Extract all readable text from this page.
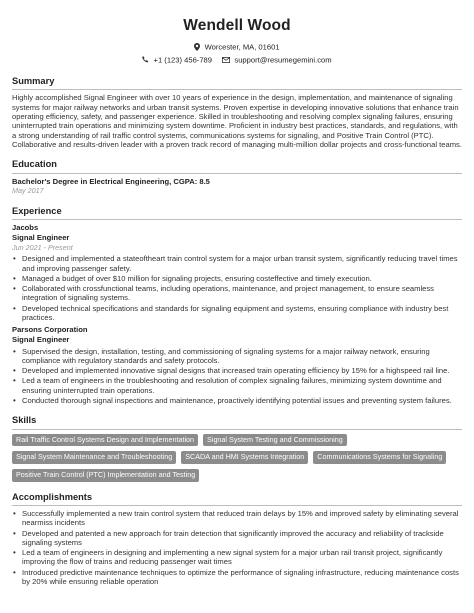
Wendell Wood
Worcester, MA, 01601
+1 (123) 456-789	support@resumegemini.com
Summary
Highly accomplished Signal Engineer with over 10 years of experience in the design, implementation, and maintenance of signaling systems for major railway networks and urban transit systems. Proven expertise in developing innovative solutions that enhance train operating efficiency, safety, and passenger experience. Skilled in troubleshooting and resolving complex signaling failures, ensuring uninterrupted train operations and minimizing system downtime. Proficient in industry best practices, standards, and regulations, with a strong understanding of rail traffic control systems, communications systems for signaling, and Positive Train Control (PTC). Collaborative and results-driven leader with a proven track record of managing multi-million dollar projects and cross-functional teams.
Education
Bachelor's Degree in Electrical Engineering, CGPA: 8.5
May 2017
Experience
Jacobs
Signal Engineer
Jun 2021 - Present
• Designed and implemented a stateoftheart train control system for a major urban transit system, significantly reducing travel times and improving passenger safety.
• Managed a budget of over $10 million for signaling projects, ensuring costeffective and timely execution.
• Collaborated with crossfunctional teams, including operations, maintenance, and project management, to ensure seamless integration of signaling systems.
• Developed technical specifications and standards for signaling equipment and systems, ensuring compliance with industry best practices.
Parsons Corporation
Signal Engineer
• Supervised the design, installation, testing, and commissioning of signaling systems for a major railway network, ensuring compliance with regulatory standards and safety protocols.
• Developed and implemented innovative signal designs that increased train operating efficiency by 15% for a highspeed rail line.
• Led a team of engineers in the troubleshooting and resolution of complex signaling failures, minimizing system downtime and ensuring uninterrupted train operations.
• Conducted thorough signal inspections and maintenance, proactively identifying potential issues and preventing system failures.
Skills
Rail Traffic Control Systems Design and Implementation	Signal System Testing and Commissioning
Signal System Maintenance and Troubleshooting	SCADA and HMI Systems Integration	Communications Systems for Signaling
Positive Train Control (PTC) Implementation and Testing
Accomplishments
• Successfully implemented a new train control system that reduced train delays by 15% and improved safety by eliminating several nearmiss incidents
• Developed and patented a new approach for train detection that significantly improved the accuracy and reliability of trackside signaling systems
• Led a team of engineers in designing and implementing a new signal system for a major urban rail transit project, significantly improving the flow of trains and reducing passenger wait times
• Introduced predictive maintenance techniques to optimize the performance of signaling infrastructure, reducing maintenance costs by 20% while ensuring reliable operation
